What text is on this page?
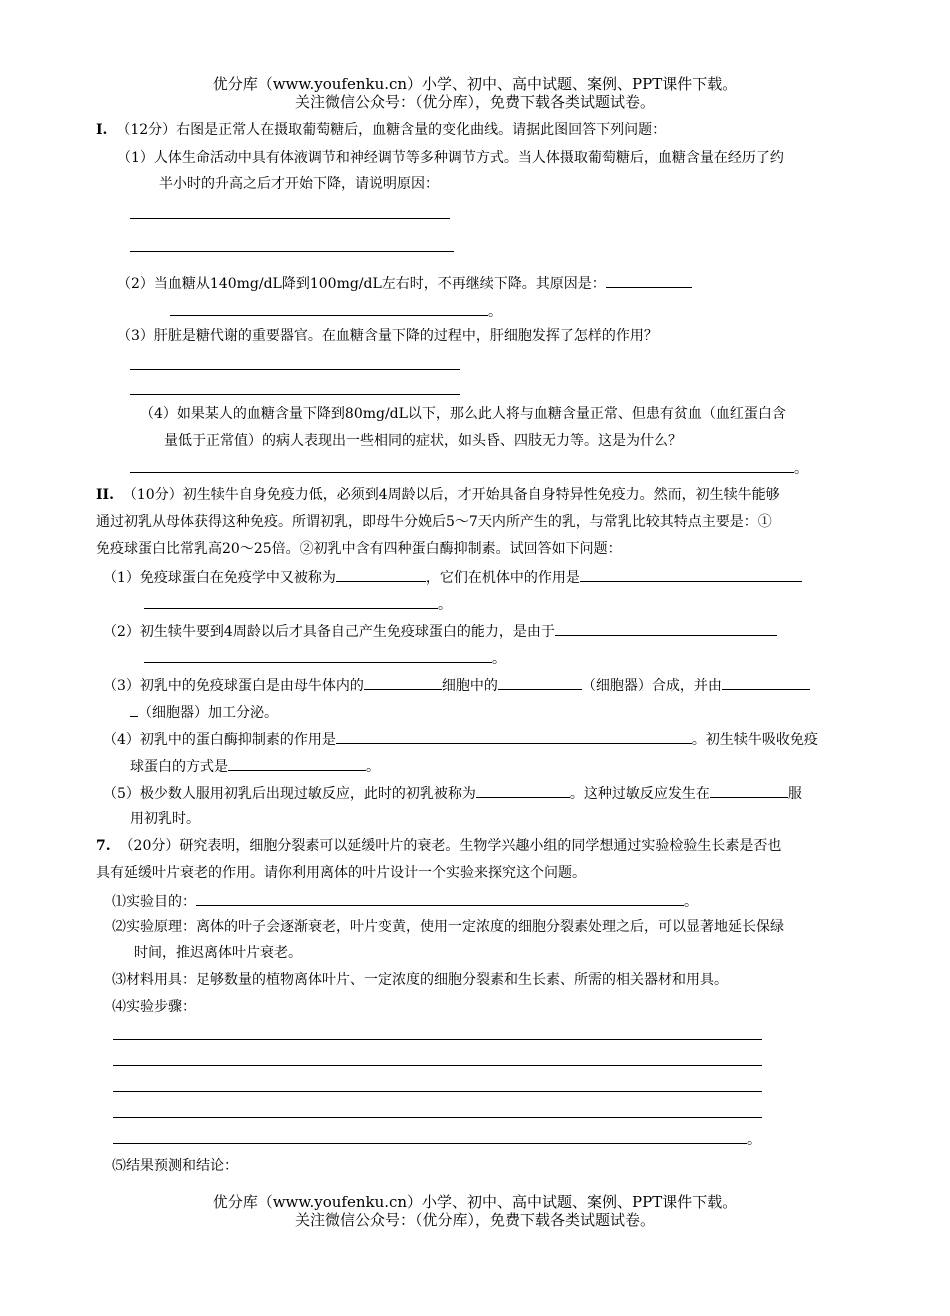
优分库（www.youfenku.cn）小学、初中、高中试题、案例、PPT课件下载。
关注微信公众号：（优分库），免费下载各类试题试卷。
I. （12分）右图是正常人在摄取葡萄糖后，血糖含量的变化曲线。请据此图回答下列问题：
（1）人体生命活动中具有体液调节和神经调节等多种调节方式。当人体摄取葡萄糖后，血糖含量在经历了约
半小时的升高之后才开始下降，请说明原因：
（2）当血糖从140mg/dL降到100mg/dL左右时，不再继续下降。其原因是：
。
（3）肝脏是糖代谢的重要器官。在血糖含量下降的过程中，肝细胞发挥了怎样的作用？
（4）如果某人的血糖含量下降到80mg/dL以下，那么此人将与血糖含量正常、但患有贫血（血红蛋白含
量低于正常值）的病人表现出一些相同的症状，如头昏、四肢无力等。这是为什么？
。
II. （10分）初生犊牛自身免疫力低，必须到4周龄以后，才开始具备自身特异性免疫力。然而，初生犊牛能够
通过初乳从母体获得这种免疫。所谓初乳，即母牛分娩后5～7天内所产生的乳，与常乳比较其特点主要是：①
免疫球蛋白比常乳高20～25倍。②初乳中含有四种蛋白酶抑制素。试回答如下问题：
（1）免疫球蛋白在免疫学中又被称为	，它们在机体中的作用是
。
（2）初生犊牛要到4周龄以后才具备自己产生免疫球蛋白的能力，是由于
。
（3）初乳中的免疫球蛋白是由母牛体内的	细胞中的	（细胞器）合成，并由
（细胞器）加工分泌。
（4）初乳中的蛋白酶抑制素的作用是	。初生犊牛吸收免疫
球蛋白的方式是	。
（5）极少数人服用初乳后出现过敏反应，此时的初乳被称为	。这种过敏反应发生在	服
用初乳时。
7. （20分）研究表明，细胞分裂素可以延缓叶片的衰老。生物学兴趣小组的同学想通过实验检验生长素是否也
具有延缓叶片衰老的作用。请你利用离体的叶片设计一个实验来探究这个问题。
⑴实验目的：	。
⑵实验原理：离体的叶子会逐渐衰老，叶片变黄，使用一定浓度的细胞分裂素处理之后，可以显著地延长保绿
时间，推迟离体叶片衰老。
⑶材料用具：足够数量的植物离体叶片、一定浓度的细胞分裂素和生长素、所需的相关器材和用具。
⑷实验步骤：
。
⑸结果预测和结论：
优分库（www.youfenku.cn）小学、初中、高中试题、案例、PPT课件下载。
关注微信公众号：（优分库），免费下载各类试题试卷。
